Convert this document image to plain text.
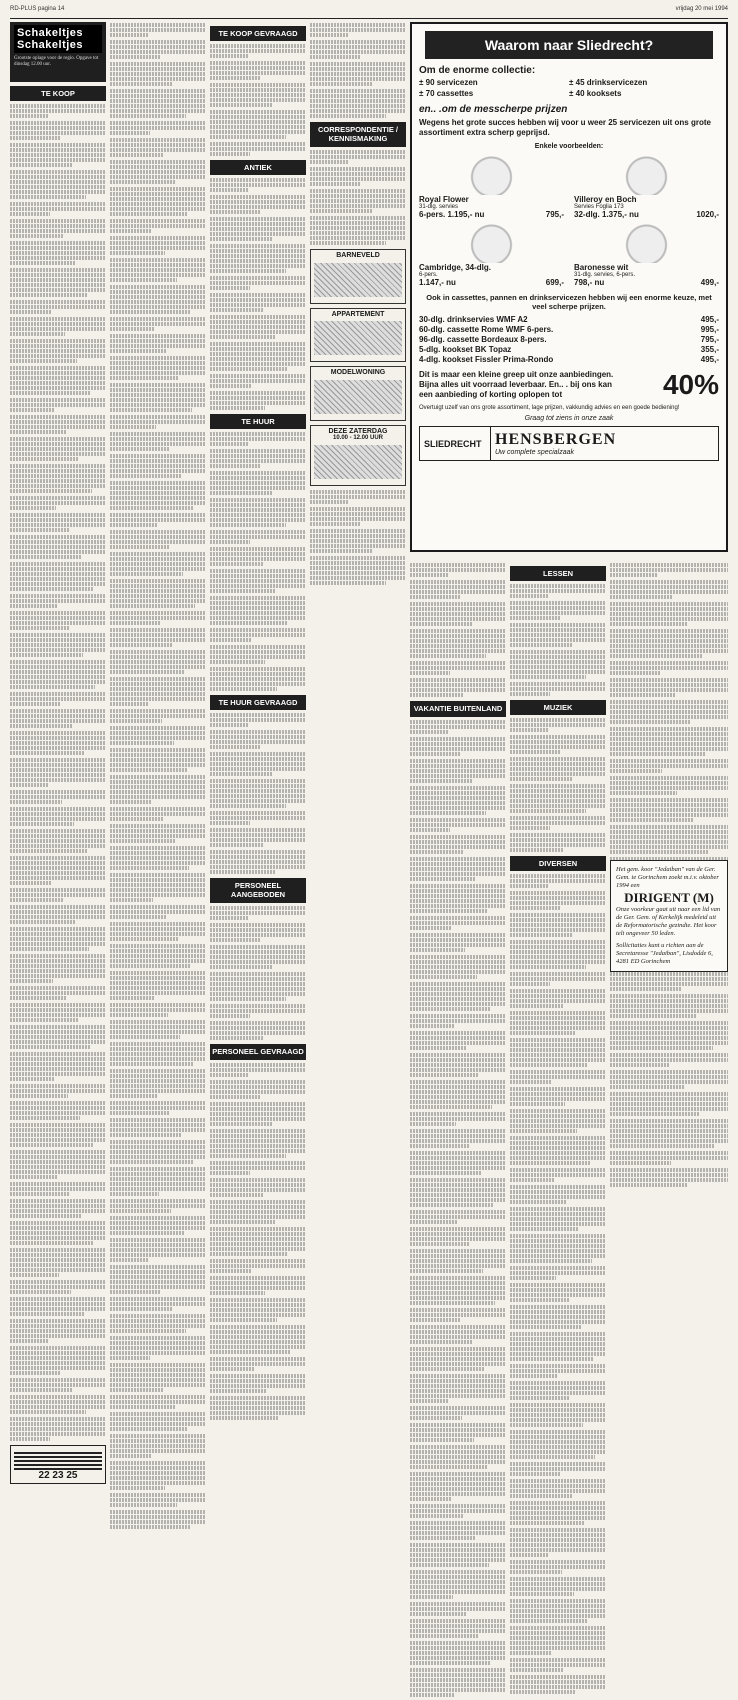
RD-PLUS pagina 14	vrijdag 20 mei 1994
Schakeltjes Schakeltjes
Grootste oplage voor de regio. Opgave tot dinsdag 12.00 uur.
TE KOOP
22 23 25
TE KOOP GEVRAAGD
ANTIEK
TE HUUR
TE HUUR GEVRAAGD
PERSONEEL AANGEBODEN
PERSONEEL GEVRAAGD
CORRESPONDENTIE / KENNISMAKING
BARNEVELD
APPARTEMENT
MODELWONING
DEZE ZATERDAG
10.00 - 12.00 UUR
Waarom naar Sliedrecht?
Om de enorme collectie:
± 90 servicezen	± 45 drinkservicezen
± 70 cassettes	± 40 kooksets
en.. .om de messcherpe prijzen
Wegens het grote succes hebben wij voor u weer 25 servicezen uit ons grote assortiment extra scherp geprijsd.
Enkele voorbeelden:
Royal Flower
31-dlg. servies
6-pers. 1.195,- nu	795,-
Villeroy en Boch
Servies Foglia 173
32-dlg. 1.375,- nu	1020,-
Cambridge, 34-dlg.
6-pers.
1.147,- nu	699,-
Baronesse wit
31-dlg. servies, 6-pers.
798,- nu	499,-
Ook in cassettes, pannen en drinkservicezen hebben wij een enorme keuze, met veel scherpe prijzen.
30-dlg. drinkservies WMF A2	495,-
60-dlg. cassette Rome WMF 6-pers.	995,-
96-dlg. cassette Bordeaux 8-pers.	795,-
5-dlg. kookset BK Topaz	355,-
4-dlg. kookset Fissler Prima-Rondo	495,-
Dit is maar een kleine greep uit onze aanbiedingen. Bijna alles uit voorraad leverbaar. En.. . bij ons kan een aanbieding of korting oplopen tot	40%
Overtuigt uzelf van ons grote assortiment, lage prijzen, vakkundig advies en een goede bediening!
Graag tot ziens in onze zaak
SLIEDRECHT HENSBERGEN
Uw complete specialzaak
VAKANTIE BUITENLAND
LESSEN
MUZIEK
DIVERSEN
Het gem. koor "Jedaiban" van de Ger. Gem. te Gorinchem zoekt m.i.v. oktober 1994 een
DIRIGENT (M)
Onze voorkeur gaat uit naar een lid van de Ger. Gem. of Kerkelijk medeleid uit de Reformatorische gezindte. Het koor telt ongeveer 50 leden.
Sollicitaties kunt u richten aan de Secretaresse "Jedaiban", Lisdodde 6, 4281 ED Gorinchem
